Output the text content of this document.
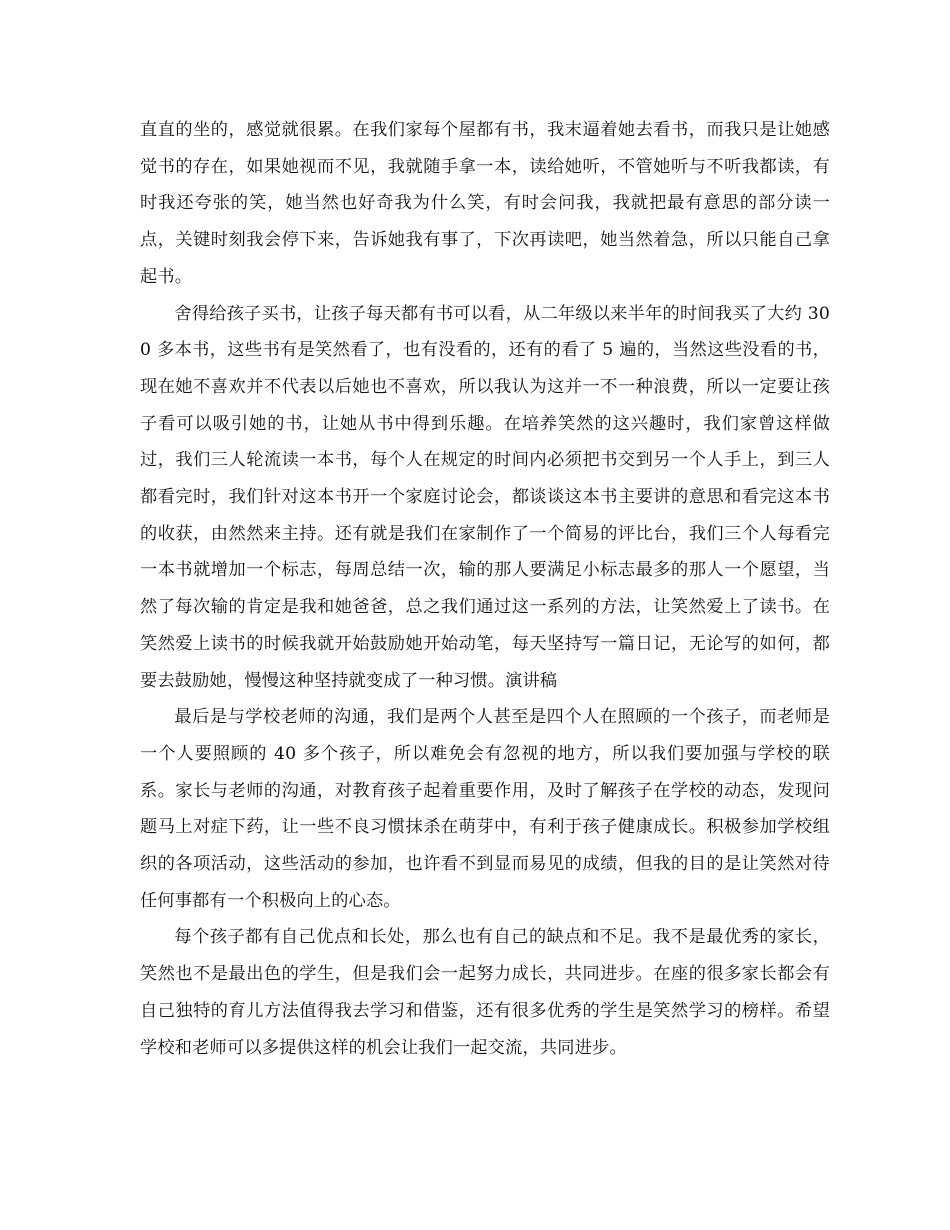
直直的坐的，感觉就很累。在我们家每个屋都有书，我末逼着她去看书，而我只是让她感觉书的存在，如果她视而不见，我就随手拿一本，读给她听，不管她听与不听我都读，有时我还夸张的笑，她当然也好奇我为什么笑，有时会问我，我就把最有意思的部分读一点，关键时刻我会停下来，告诉她我有事了，下次再读吧，她当然着急，所以只能自己拿起书。

舍得给孩子买书，让孩子每天都有书可以看，从二年级以来半年的时间我买了大约 300 多本书，这些书有是笑然看了，也有没看的，还有的看了 5 遍的，当然这些没看的书，现在她不喜欢并不代表以后她也不喜欢，所以我认为这并一不一种浪费，所以一定要让孩子看可以吸引她的书，让她从书中得到乐趣。在培养笑然的这兴趣时，我们家曾这样做过，我们三人轮流读一本书，每个人在规定的时间内必须把书交到另一个人手上，到三人都看完时，我们针对这本书开一个家庭讨论会，都谈谈这本书主要讲的意思和看完这本书的收获，由然然来主持。还有就是我们在家制作了一个简易的评比台，我们三个人每看完一本书就增加一个标志，每周总结一次，输的那人要满足小标志最多的那人一个愿望，当然了每次输的肯定是我和她爸爸，总之我们通过这一系列的方法，让笑然爱上了读书。在笑然爱上读书的时候我就开始鼓励她开始动笔，每天坚持写一篇日记，无论写的如何，都要去鼓励她，慢慢这种坚持就变成了一种习惯。演讲稿

最后是与学校老师的沟通，我们是两个人甚至是四个人在照顾的一个孩子，而老师是一个人要照顾的 40 多个孩子，所以难免会有忽视的地方，所以我们要加强与学校的联系。家长与老师的沟通，对教育孩子起着重要作用，及时了解孩子在学校的动态，发现问题马上对症下药，让一些不良习惯抹杀在萌芽中，有利于孩子健康成长。积极参加学校组织的各项活动，这些活动的参加，也许看不到显而易见的成绩，但我的目的是让笑然对待任何事都有一个积极向上的心态。

每个孩子都有自己优点和长处，那么也有自己的缺点和不足。我不是最优秀的家长，笑然也不是最出色的学生，但是我们会一起努力成长，共同进步。在座的很多家长都会有自己独特的育儿方法值得我去学习和借鉴，还有很多优秀的学生是笑然学习的榜样。希望学校和老师可以多提供这样的机会让我们一起交流，共同进步。
